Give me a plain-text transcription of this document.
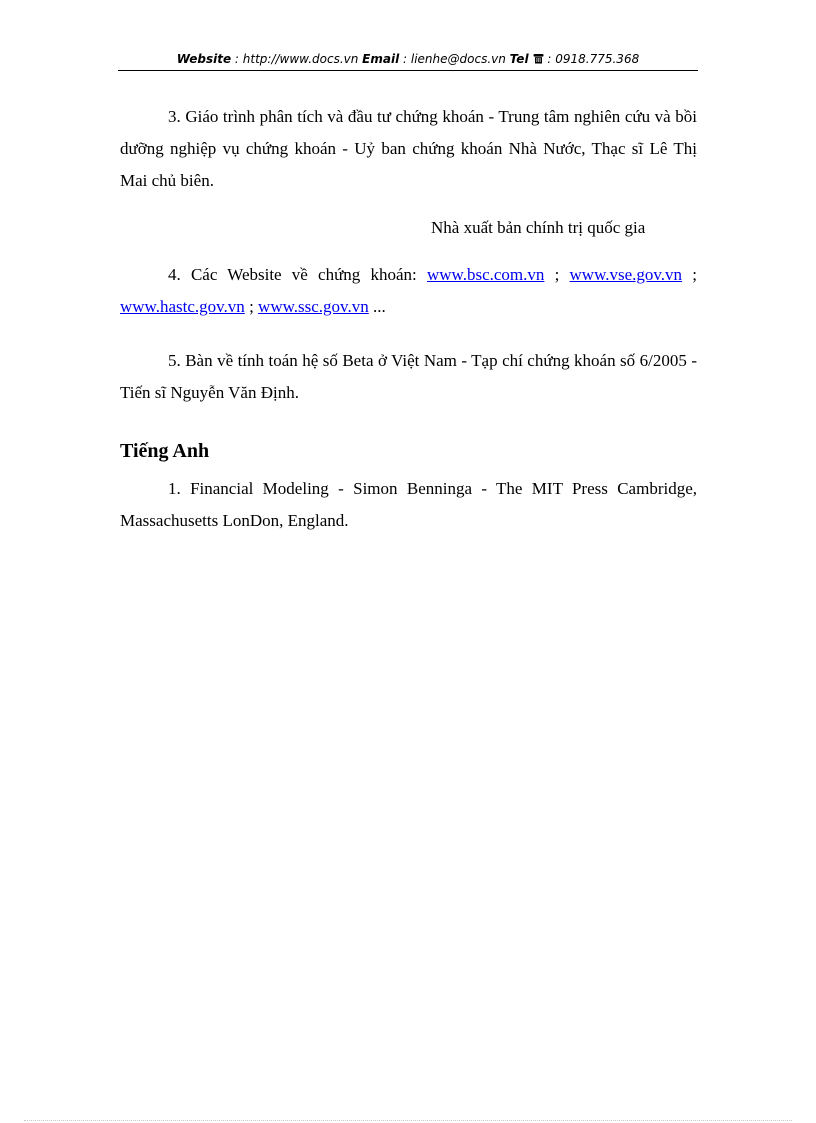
Website : http://www.docs.vn Email : lienhe@docs.vn Tel : 0918.775.368

3. Giáo trình phân tích và đầu tư chứng khoán - Trung tâm nghiên cứu và bồi dưỡng nghiệp vụ chứng khoán - Uỷ ban chứng khoán Nhà Nước, Thạc sĩ Lê Thị Mai chủ biên.

Nhà xuất bản chính trị quốc gia

4. Các Website về chứng khoán: www.bsc.com.vn ; www.vse.gov.vn ; www.hastc.gov.vn ; www.ssc.gov.vn ...

5. Bàn về tính toán hệ số Beta ở Việt Nam - Tạp chí chứng khoán số 6/2005 - Tiến sĩ Nguyễn Văn Định.

Tiếng Anh

1. Financial Modeling - Simon Benninga - The MIT Press Cambridge, Massachusetts LonDon, England.
